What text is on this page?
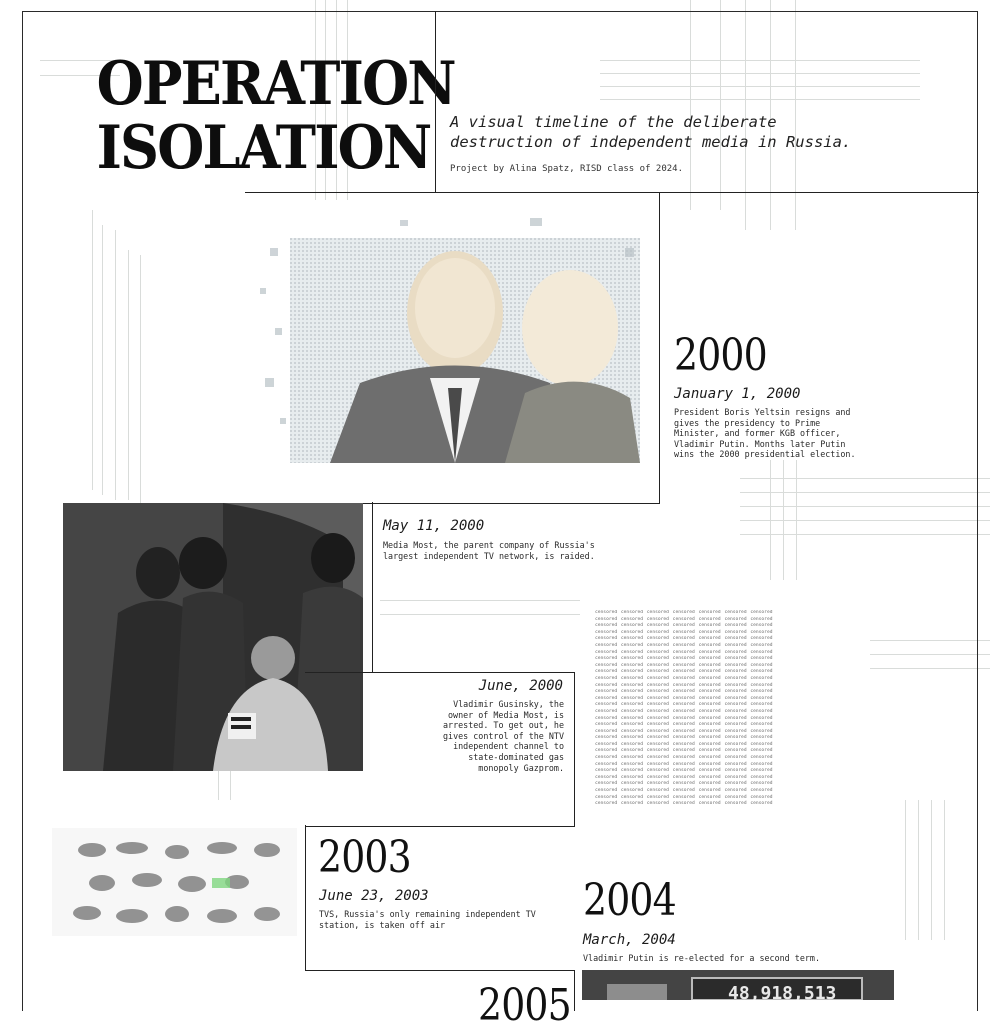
OPERATION
ISOLATION A visual timeline of the deliberate destruction of independent media in Russia.
Project by Alina Spatz, RISD class of 2024.
2000
January 1, 2000
President Boris Yeltsin resigns and gives the presidency to Prime Minister, and former KGB officer, Vladimir Putin. Months later Putin wins the 2000 presidential election.
May 11, 2000
Media Most, the parent company of Russia's largest independent TV network, is raided.
June, 2000
Vladimir Gusinsky, the owner of Media Most, is arrested. To get out, he gives control of the NTV independent channel to state-dominated gas monopoly Gazprom.
censored censored censored censored censored censored censored censored censored censored censored censored censored censored censored censored censored censored censored censored censored censored censored censored censored censored censored censored censored censored censored censored censored censored censored censored censored censored censored censored censored censored censored censored censored censored censored censored censored censored censored censored censored censored censored censored censored censored censored censored censored censored censored censored censored censored censored censored censored censored censored censored censored censored censored censored censored censored censored censored censored censored censored censored censored censored censored censored censored censored censored censored censored censored censored censored censored censored censored censored censored censored censored censored censored censored censored censored censored censored censored censored censored censored censored censored censored censored censored censored censored censored censored censored censored censored censored censored censored censored censored censored censored censored censored censored censored censored censored censored censored censored censored censored censored censored censored censored censored censored censored censored censored censored censored censored censored censored censored censored censored censored censored censored censored censored censored censored censored censored censored censored censored censored censored censored censored censored censored censored censored censored censored censored censored censored censored censored censored censored censored censored censored censored censored censored censored censored censored censored censored censored censored censored censored censored censored censored censored censored
2003
June 23, 2003
TVS, Russia's only remaining independent TV station, is taken off air	2004
March, 2004
Vladimir Putin is re-elected for a second term.
48,918,513
2005
